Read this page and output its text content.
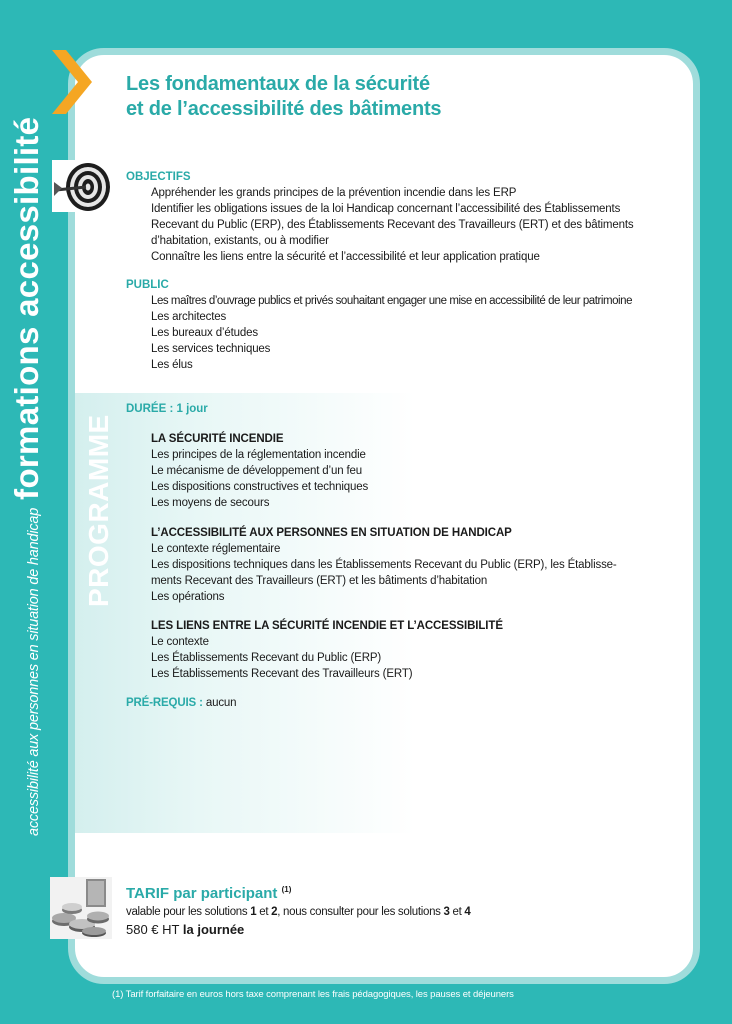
accessibilité aux personnes en situation de handicap
formations accessibilité
Les fondamentaux de la sécurité
et de l’accessibilité des bâtiments
OBJECTIFS
Appréhender les grands principes de la prévention incendie dans les ERP
Identifier les obligations issues de la loi Handicap concernant l’accessibilité des Établissements
Recevant du Public (ERP), des Établissements Recevant des Travailleurs (ERT) et des bâtiments
d’habitation, existants, ou à modifier
Connaître les liens entre la sécurité et l’accessibilité et leur application pratique
PUBLIC
Les maîtres d’ouvrage publics et privés souhaitant engager une mise en accessibilité de leur patrimoine
Les architectes
Les bureaux d’études
Les services techniques
Les élus
PROGRAMME
DURÉE : 1 jour
LA SÉCURITÉ INCENDIE
Les principes de la réglementation incendie
Le mécanisme de développement d’un feu
Les dispositions constructives et techniques
Les moyens de secours
L’ACCESSIBILITÉ AUX PERSONNES EN SITUATION DE HANDICAP
Le contexte réglementaire
Les dispositions techniques dans les Établissements Recevant du Public (ERP), les Établisse-
ments Recevant des Travailleurs (ERT) et les bâtiments d’habitation
Les opérations
LES LIENS ENTRE LA SÉCURITÉ INCENDIE ET L’ACCESSIBILITÉ
Le contexte
Les Établissements Recevant du Public (ERP)
Les Établissements Recevant des Travailleurs (ERT)
PRÉ-REQUIS : aucun
TARIF par participant $^{(1)}$
valable pour les solutions 1 et 2, nous consulter pour les solutions 3 et 4
580 € HT la journée
(1) Tarif forfaitaire en euros hors taxe comprenant les frais pédagogiques, les pauses et déjeuners
